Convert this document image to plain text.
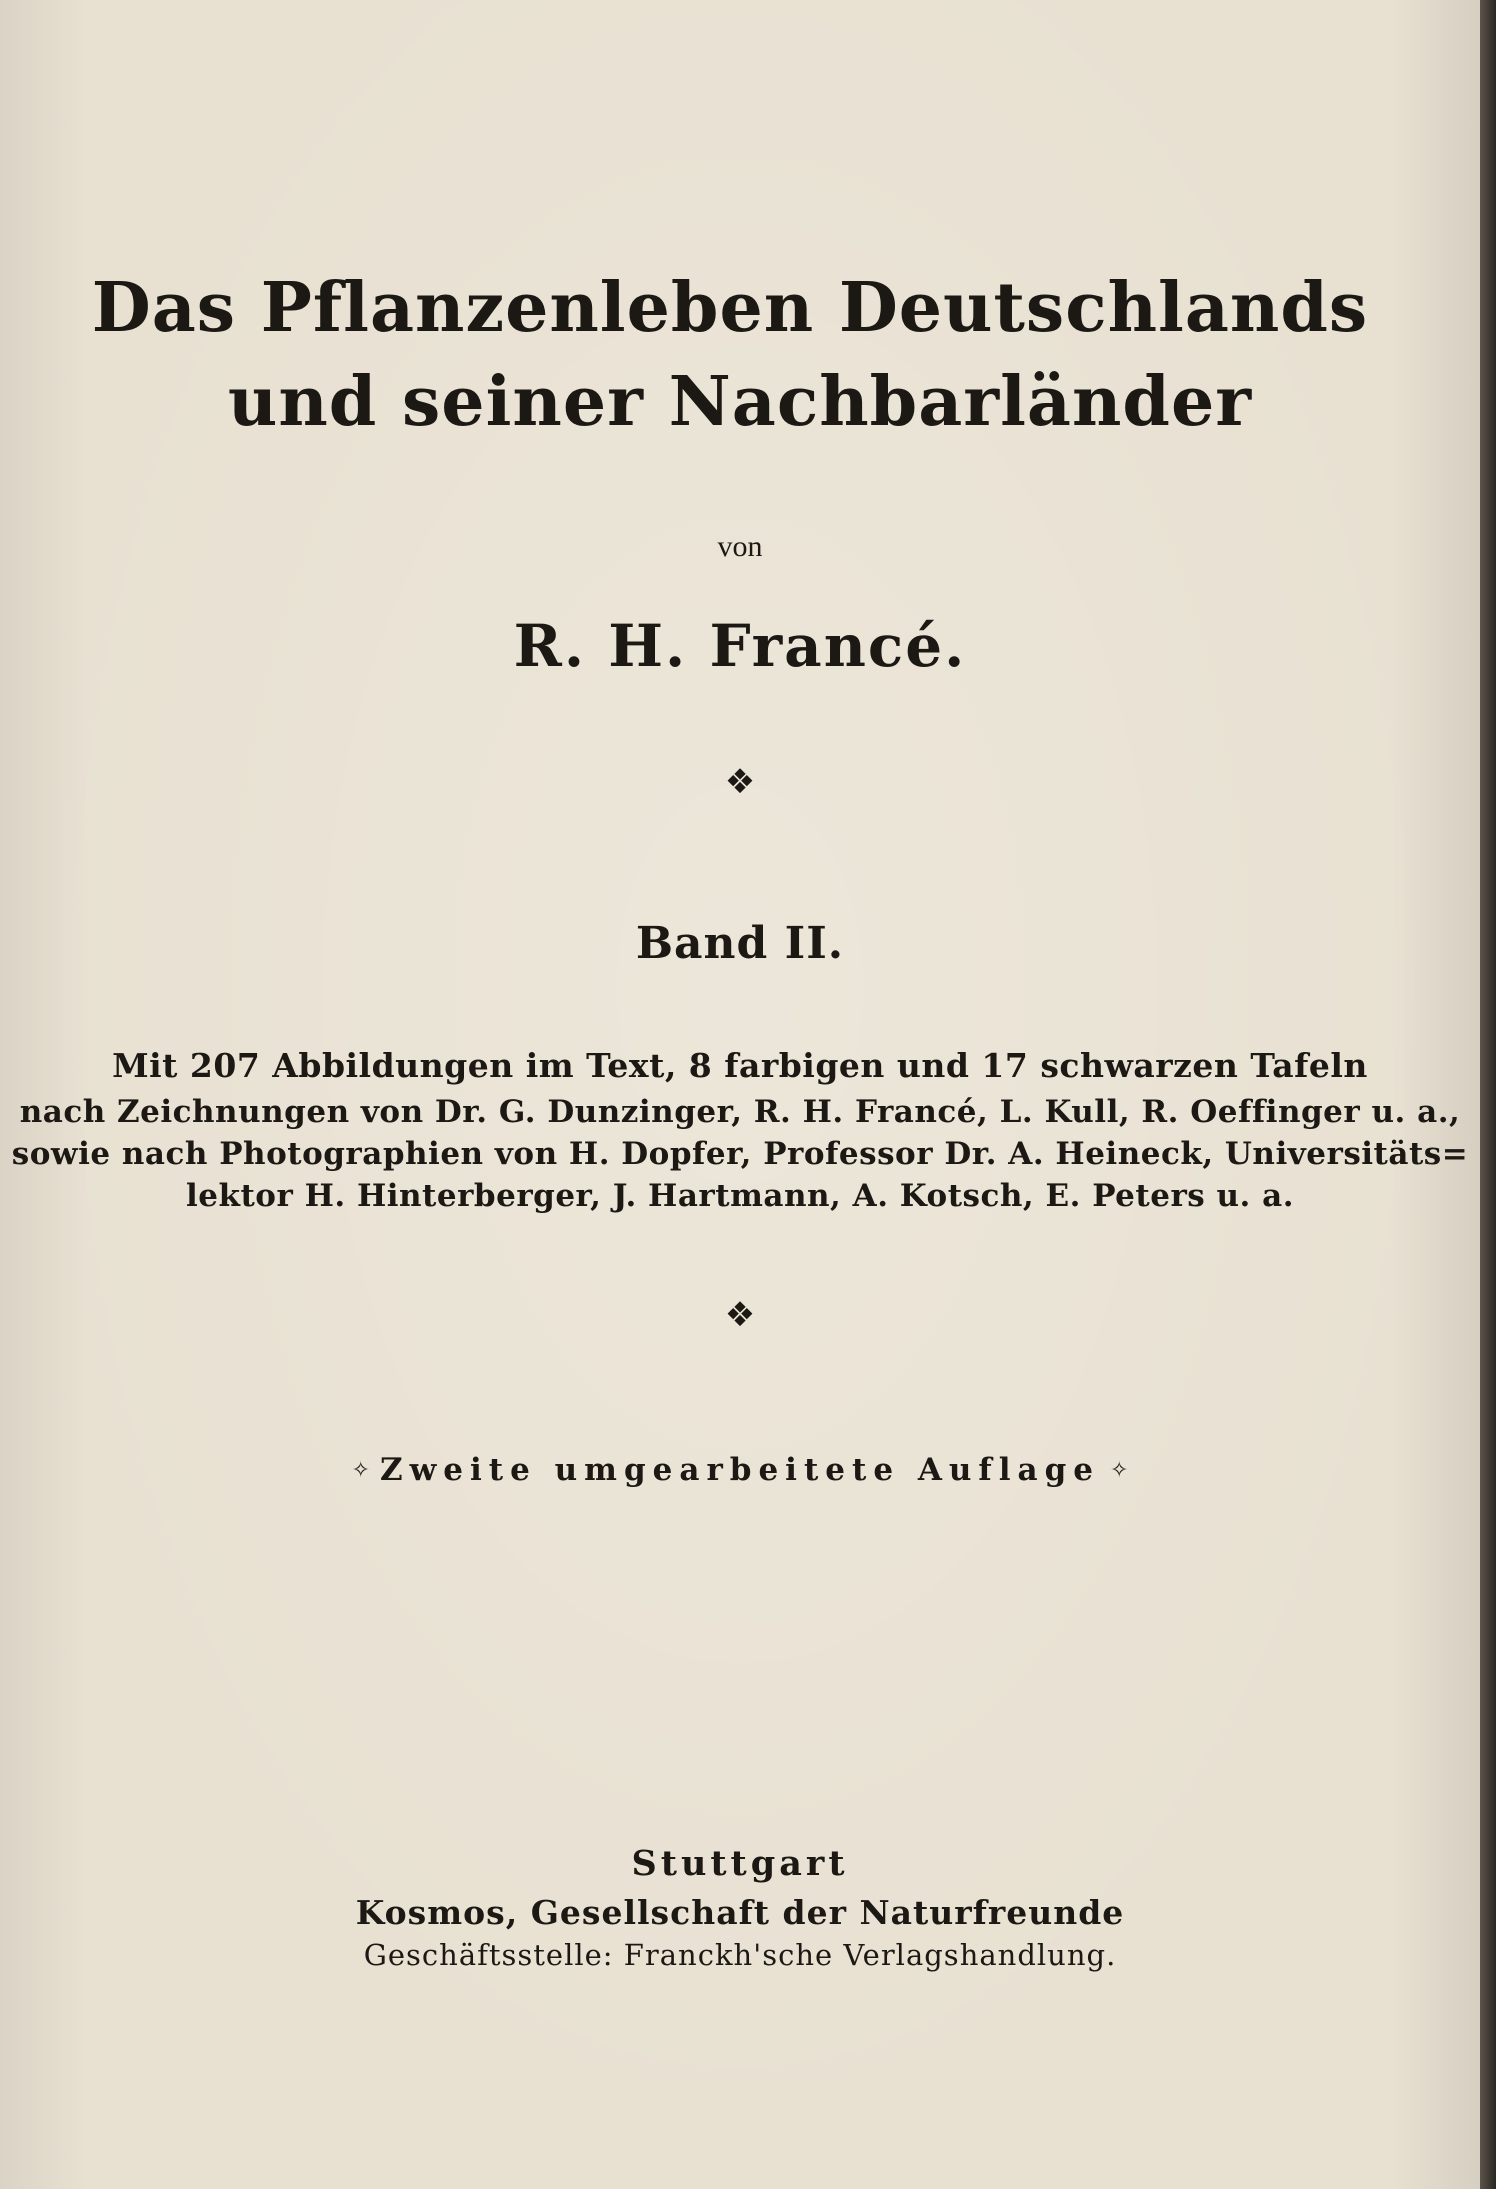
Das Pflanzenleben Deutschlands
und seiner Nachbarländer
von
R. H. Francé.
❖
Band II.
Mit 207 Abbildungen im Text, 8 farbigen und 17 schwarzen Tafeln
nach Zeichnungen von Dr. G. Dunzinger, R. H. Francé, L. Kull, R. Oeffinger u. a.,
sowie nach Photographien von H. Dopfer, Professor Dr. A. Heineck, Universitäts=
lektor H. Hinterberger, J. Hartmann, A. Kotsch, E. Peters u. a.
❖
✧ Zweite umgearbeitete Auflage ✧
Stuttgart
Kosmos, Gesellschaft der Naturfreunde
Geschäftsstelle: Franckh'sche Verlagshandlung.
